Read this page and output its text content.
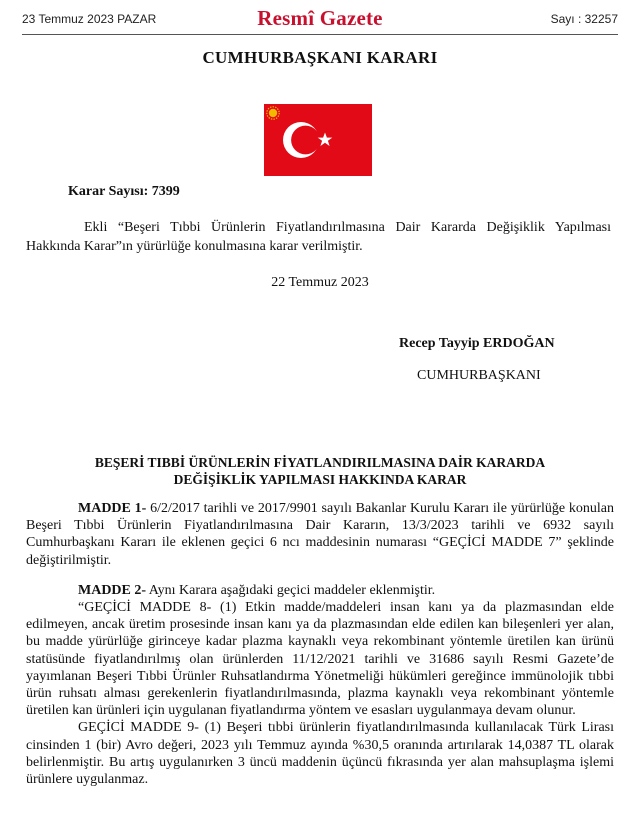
23 Temmuz 2023 PAZAR	Resmî Gazete	Sayı : 32257
CUMHURBAŞKANI KARARI
Karar Sayısı: 7399

Ekli “Beşeri Tıbbi Ürünlerin Fiyatlandırılmasına Dair Kararda Değişiklik Yapılması Hakkında Karar”ın yürürlüğe konulmasına karar verilmiştir.

22 Temmuz 2023
Recep Tayyip ERDOĞAN
CUMHURBAŞKANI
BEŞERİ TIBBİ ÜRÜNLERİN FİYATLANDIRILMASINA DAİR KARARDA
DEĞİŞİKLİK YAPILMASI HAKKINDA KARAR

MADDE 1- 6/2/2017 tarihli ve 2017/9901 sayılı Bakanlar Kurulu Kararı ile yürürlüğe konulan Beşeri Tıbbi Ürünlerin Fiyatlandırılmasına Dair Kararın, 13/3/2023 tarihli ve 6932 sayılı Cumhurbaşkanı Kararı ile eklenen geçici 6 ncı maddesinin numarası “GEÇİCİ MADDE 7” şeklinde değiştirilmiştir.

MADDE 2- Aynı Karara aşağıdaki geçici maddeler eklenmiştir.

“GEÇİCİ MADDE 8- (1) Etkin madde/maddeleri insan kanı ya da plazmasından elde edilmeyen, ancak üretim prosesinde insan kanı ya da plazmasından elde edilen kan bileşenleri yer alan, bu madde yürürlüğe girinceye kadar plazma kaynaklı veya rekombinant yöntemle üretilen kan ürünü statüsünde fiyatlandırılmış olan ürünlerden 11/12/2021 tarihli ve 31686 sayılı Resmi Gazete’de yayımlanan Beşeri Tıbbi Ürünler Ruhsatlandırma Yönetmeliği hükümleri gereğince immünolojik tıbbi ürün ruhsatı alması gerekenlerin fiyatlandırılmasında, plazma kaynaklı veya rekombinant yöntemle üretilen kan ürünleri için uygulanan fiyatlandırma yöntem ve esasları uygulanmaya devam olunur.

GEÇİCİ MADDE 9- (1) Beşeri tıbbi ürünlerin fiyatlandırılmasında kullanılacak Türk Lirası cinsinden 1 (bir) Avro değeri, 2023 yılı Temmuz ayında %30,5 oranında artırılarak 14,0387 TL olarak belirlenmiştir. Bu artış uygulanırken 3 üncü maddenin üçüncü fıkrasında yer alan mahsuplaşma işlemi ürünlere uygulanmaz.
